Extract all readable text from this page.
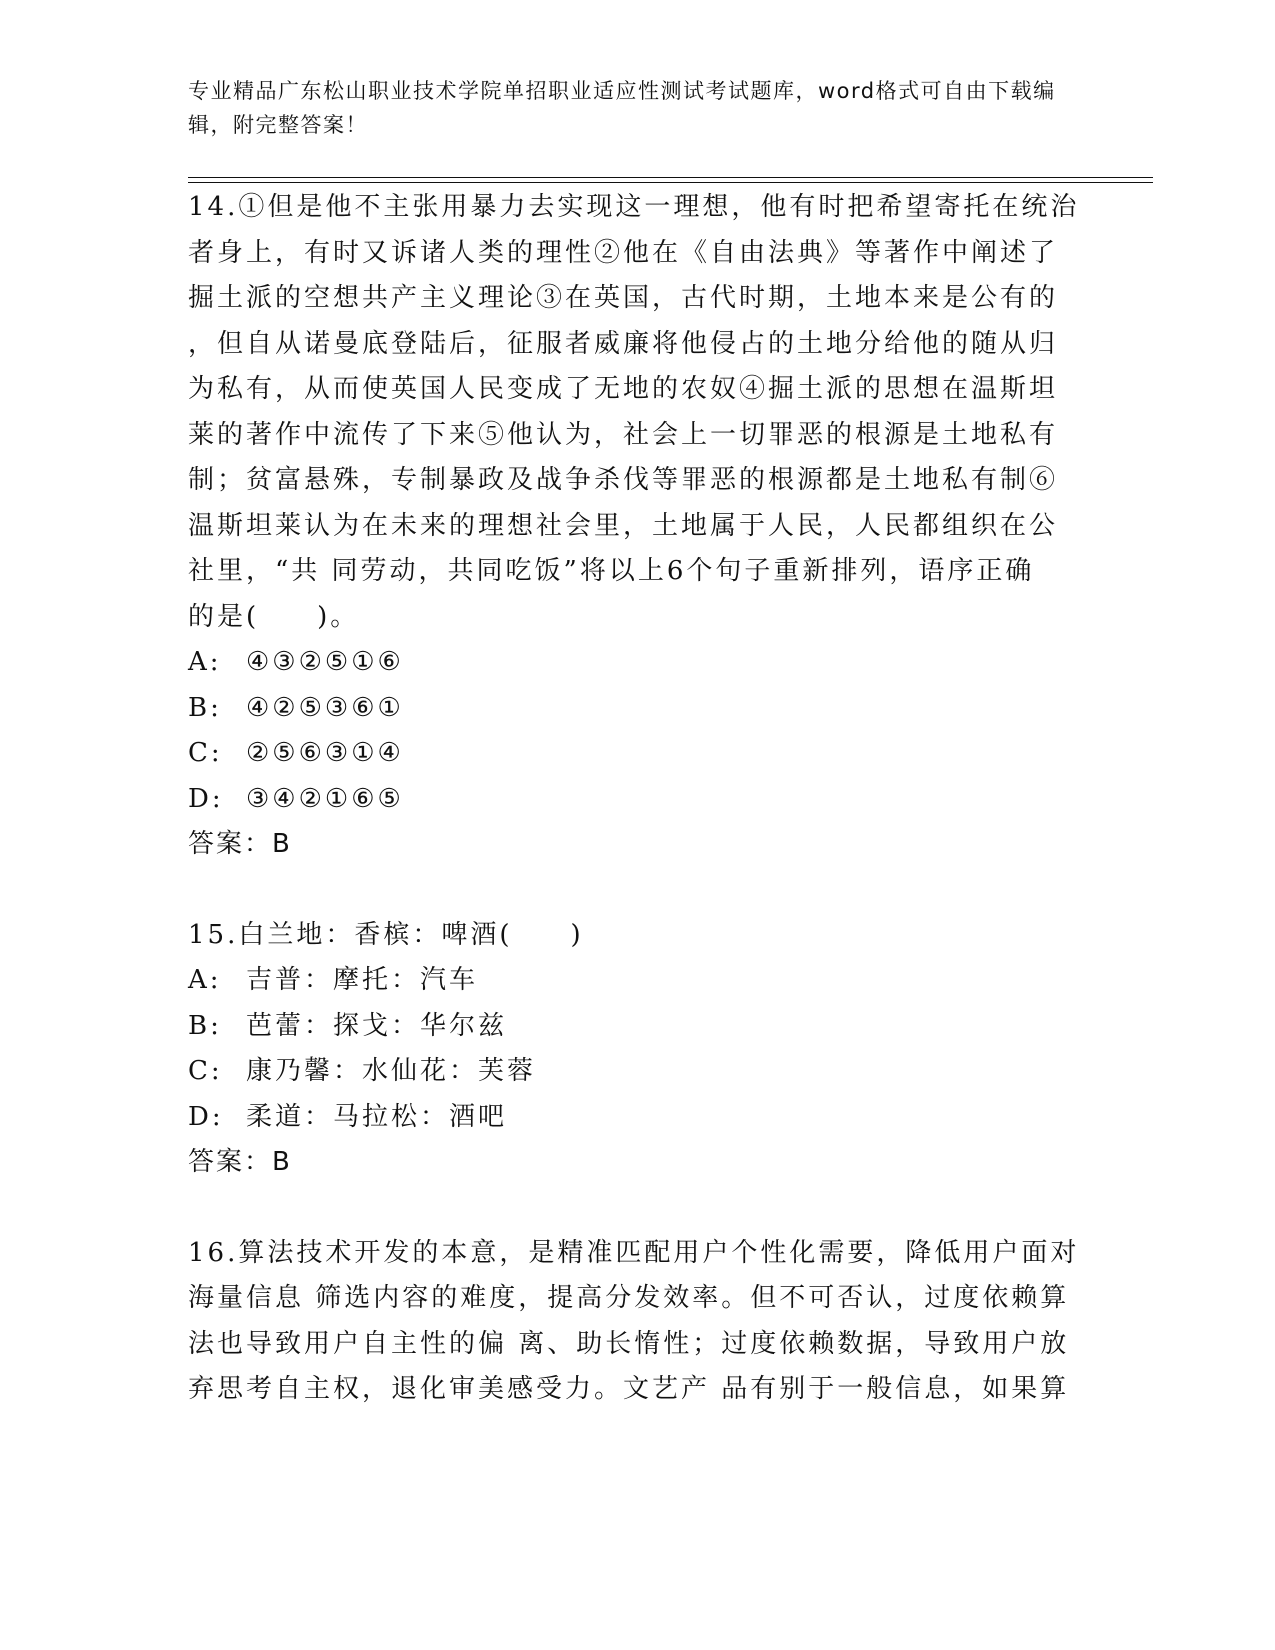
专业精品广东松山职业技术学院单招职业适应性测试考试题库，word格式可自由下载编辑，附完整答案！

14.①但是他不主张用暴力去实现这一理想，他有时把希望寄托在统治
者身上，有时又诉诸人类的理性②他在《自由法典》等著作中阐述了
掘土派的空想共产主义理论③在英国，古代时期，土地本来是公有的
，但自从诺曼底登陆后，征服者威廉将他侵占的土地分给他的随从归
为私有，从而使英国人民变成了无地的农奴④掘土派的思想在温斯坦
莱的著作中流传了下来⑤他认为，社会上一切罪恶的根源是土地私有
制；贫富悬殊，专制暴政及战争杀伐等罪恶的根源都是土地私有制⑥
温斯坦莱认为在未来的理想社会里，土地属于人民，人民都组织在公
社里，“共 同劳动，共同吃饭”将以上6个句子重新排列，语序正确
的是(　　)。

A: ④③②⑤①⑥

B: ④②⑤③⑥①

C: ②⑤⑥③①④

D: ③④②①⑥⑤

答案：B

15.白兰地：香槟：啤酒(　　)

A: 吉普：摩托：汽车

B: 芭蕾：探戈：华尔兹

C: 康乃馨：水仙花：芙蓉

D: 柔道：马拉松：酒吧

答案：B

16.算法技术开发的本意，是精准匹配用户个性化需要，降低用户面对
海量信息 筛选内容的难度，提高分发效率。但不可否认，过度依赖算
法也导致用户自主性的偏 离、助长惰性；过度依赖数据，导致用户放
弃思考自主权，退化审美感受力。文艺产 品有别于一般信息，如果算
